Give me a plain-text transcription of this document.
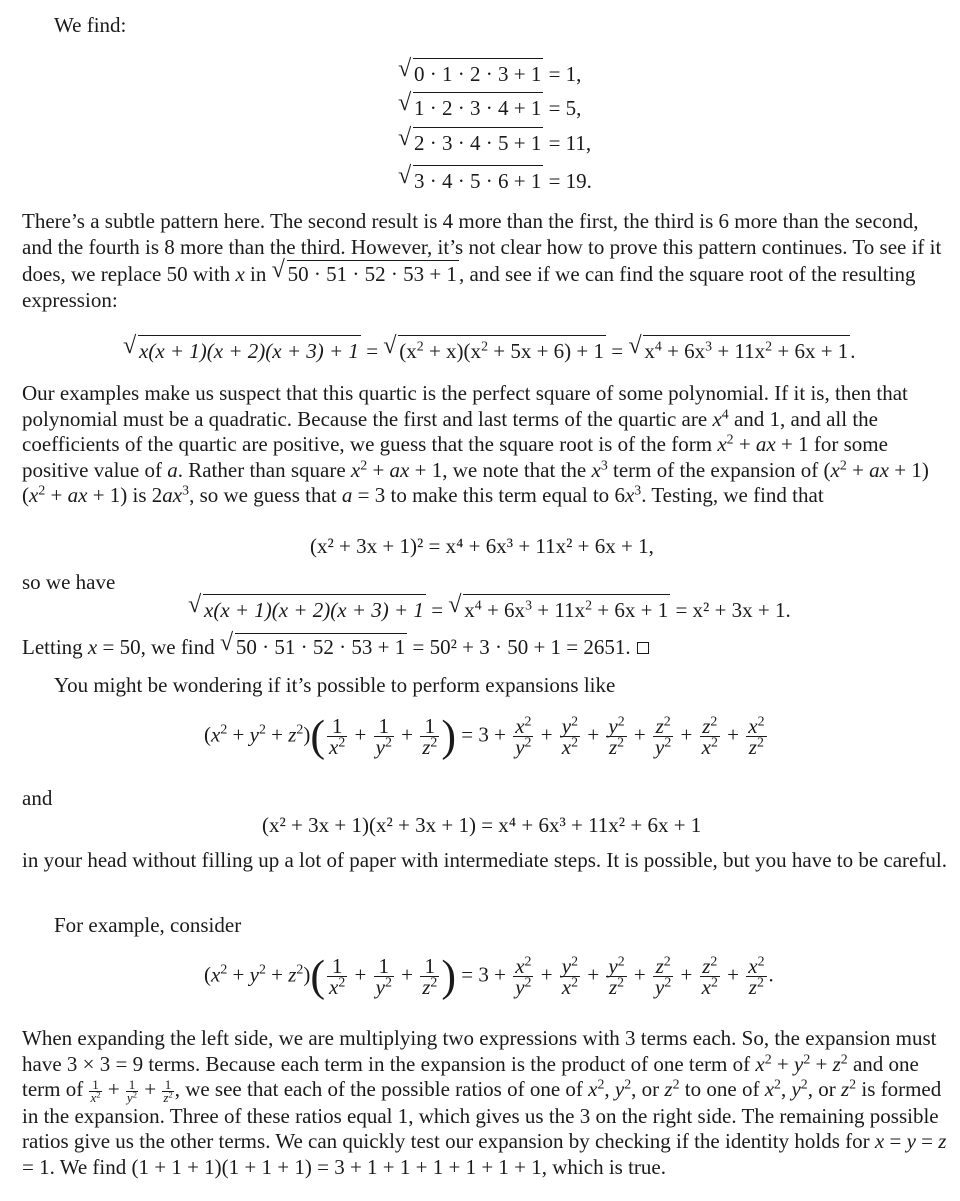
We find:

√ 0 · 1 · 2 · 3 + 1 = 1,
√ 1 · 2 · 3 · 4 + 1 = 5,
√ 2 · 3 · 4 · 5 + 1 = 11,
√ 3 · 4 · 5 · 6 + 1 = 19.

There’s a subtle pattern here. The second result is 4 more than the first, the third is 6 more than the second, and the fourth is 8 more than the third. However, it’s not clear how to prove this pattern continues. To see if it does, we replace 50 with x in √ 50 · 51 · 52 · 53 + 1, and see if we can find the square root of the resulting expression:

√ x(x + 1)(x + 2)(x + 3) + 1 = √ $(x^2 + x)(x^2 + 5x + 6) + 1$ = √ $x^4 + 6x^3 + 11x^2 + 6x + 1$.

Our examples make us suspect that this quartic is the perfect square of some polynomial. If it is, then that polynomial must be a quadratic. Because the first and last terms of the quartic are $x^4$ and 1, and all the coefficients of the quartic are positive, we guess that the square root is of the form $x^2$ + ax + 1 for some positive value of a. Rather than square $x^2$ + ax + 1, we note that the $x^3$ term of the expansion of ($x^2$ + ax + $1)(x^2$ + ax + 1) is $2ax^3$, so we guess that a = 3 to make this term equal to $6x^3$. Testing, we find that

(x² + 3x + 1)² = x⁴ + 6x³ + 11x² + 6x + 1,

so we have

√ x(x + 1)(x + 2)(x + 3) + 1 = √ $x^4 + 6x^3 + 11x^2 + 6x + 1 = x^2 + 3x + 1$.

Letting x = 50, we find √ 50 · 51 · 52 · 53 + 1 = 50² + 3 · 50 + 1 = 2651.

You might be wondering if it’s possible to perform expansions like

$(x^2 + y^2 + z^2)( \frac{1}{x^2} + \frac{1}{y^2} + \frac{1}{z^2}$ ) = $3 + \frac{x^2}{y^2} + \frac{y^2}{x^2} + \frac{y^2}{z^2} + \frac{z^2}{y^2} + \frac{z^2}{x^2} + \frac{x^2}{z^2}$

and

(x² + 3x + 1)(x² + 3x + 1) = x⁴ + 6x³ + 11x² + 6x + 1

in your head without filling up a lot of paper with intermediate steps. It is possible, but you have to be careful.

For example, consider

$(x^2 + y^2 + z^2)( \frac{1}{x^2} + \frac{1}{y^2} + \frac{1}{z^2}$ ) = $3 + \frac{x^2}{y^2} + \frac{y^2}{x^2} + \frac{y^2}{z^2} + \frac{z^2}{y^2} + \frac{z^2}{x^2} + \frac{x^2}{z^2}$ .

When expanding the left side, we are multiplying two expressions with 3 terms each. So, the expansion must have 3 × 3 = 9 terms. Because each term in the expansion is the product of one term of $x^2 + y^2 + z^2$ and one term of $\frac{1}{x^2} + \frac{1}{y^2} + \frac{1}{z^2}$ , we see that each of the possible ratios of one of $x^2$, $y^2$, or $z^2$ to one of $x^2$, $y^2$, or $z^2$ is formed in the expansion. Three of these ratios equal 1, which gives us the 3 on the right side. The remaining possible ratios give us the other terms. We can quickly test our expansion by checking if the identity holds for x = y = z = 1. We find (1 + 1 + 1)(1 + 1 + 1) = 3 + 1 + 1 + 1 + 1 + 1 + 1, which is true.
